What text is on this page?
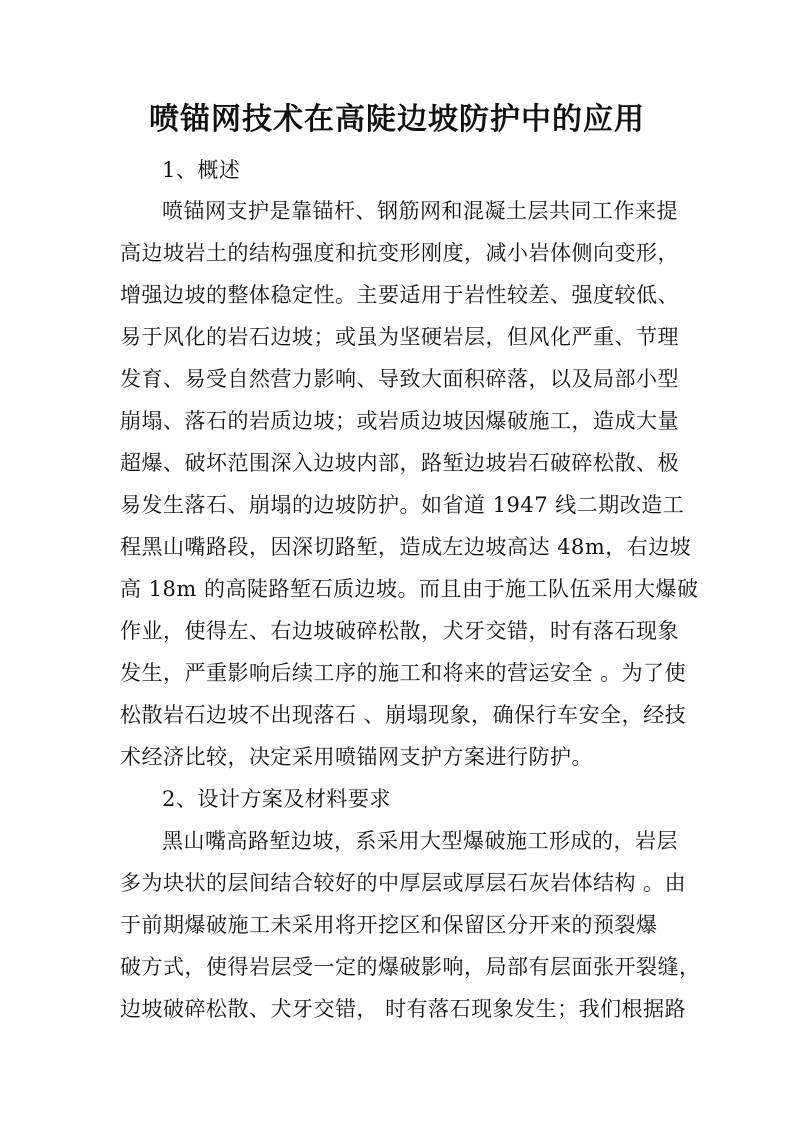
喷锚网技术在高陡边坡防护中的应用
1、概述
喷锚网支护是靠锚杆、钢筋网和混凝土层共同工作来提
高边坡岩土的结构强度和抗变形刚度，减小岩体侧向变形，
增强边坡的整体稳定性。主要适用于岩性较差、强度较低、
易于风化的岩石边坡；或虽为坚硬岩层，但风化严重、节理
发育、易受自然营力影响、导致大面积碎落，以及局部小型
崩塌、落石的岩质边坡；或岩质边坡因爆破施工，造成大量
超爆、破坏范围深入边坡内部，路堑边坡岩石破碎松散、极
易发生落石、崩塌的边坡防护。如省道 1947 线二期改造工
程黑山嘴路段，因深切路堑，造成左边坡高达 48m，右边坡
高 18m 的高陡路堑石质边坡。而且由于施工队伍采用大爆破
作业，使得左、右边坡破碎松散，犬牙交错，时有落石现象
发生，严重影响后续工序的施工和将来的营运安全 。为了使
松散岩石边坡不出现落石 、崩塌现象，确保行车安全，经技
术经济比较，决定采用喷锚网支护方案进行防护。
2、设计方案及材料要求
黑山嘴高路堑边坡，系采用大型爆破施工形成的，岩层
多为块状的层间结合较好的中厚层或厚层石灰岩体结构 。由
于前期爆破施工未采用将开挖区和保留区分开来的预裂爆
破方式，使得岩层受一定的爆破影响，局部有层面张开裂缝，
边坡破碎松散、犬牙交错， 时有落石现象发生；我们根据路
